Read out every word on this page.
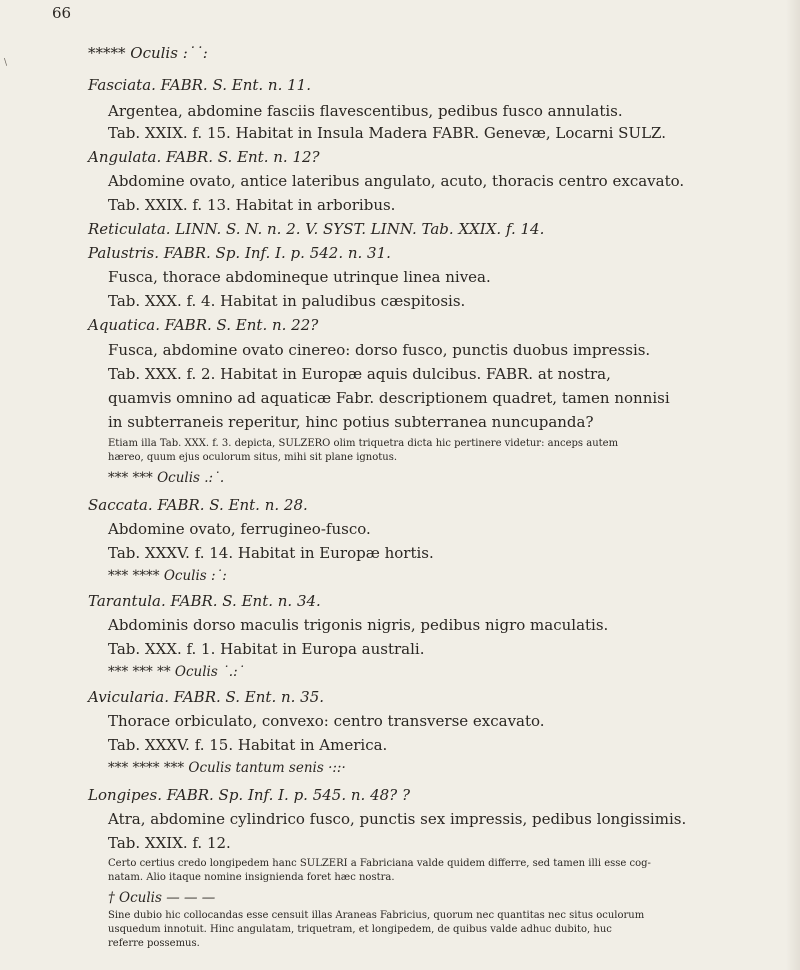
\
66
***** Oculis :˙˙:
Fasciata. FABR. S. Ent. n. 11.
Argentea, abdomine fasciis flavescentibus, pedibus fusco annulatis.
Tab. XXIX. f. 15. Habitat in Insula Madera FABR. Genevæ, Locarni SULZ.
Angulata. FABR. S. Ent. n. 12?
Abdomine ovato, antice lateribus angulato, acuto, thoracis centro excavato.
Tab. XXIX. f. 13. Habitat in arboribus.
Reticulata. LINN. S. N. n. 2. V. SYST. LINN. Tab. XXIX. f. 14.
Palustris. FABR. Sp. Inf. I. p. 542. n. 31.
Fusca, thorace abdomineque utrinque linea nivea.
Tab. XXX. f. 4. Habitat in paludibus cæspitosis.
Aquatica. FABR. S. Ent. n. 22?
Fusca, abdomine ovato cinereo: dorso fusco, punctis duobus impressis.
Tab. XXX. f. 2. Habitat in Europæ aquis dulcibus. FABR. at nostra,
quamvis omnino ad aquaticæ Fabr. descriptionem quadret, tamen nonnisi
in subterraneis reperitur, hinc potius subterranea nuncupanda?
Etiam illa Tab. XXX. f. 3. depicta, SULZERO olim triquetra dicta hic pertinere videtur: anceps autem
hæreo, quum ejus oculorum situs, mihi sit plane ignotus.
*** *** Oculis .:˙.
Saccata. FABR. S. Ent. n. 28.
Abdomine ovato, ferrugineo-fusco.
Tab. XXXV. f. 14. Habitat in Europæ hortis.
*** **** Oculis :˙:
Tarantula. FABR. S. Ent. n. 34.
Abdominis dorso maculis trigonis nigris, pedibus nigro maculatis.
Tab. XXX. f. 1. Habitat in Europa australi.
*** *** ** Oculis ˙.:˙
Avicularia. FABR. S. Ent. n. 35.
Thorace orbiculato, convexo: centro transverse excavato.
Tab. XXXV. f. 15. Habitat in America.
*** **** *** Oculis tantum senis ·::·
Longipes. FABR. Sp. Inf. I. p. 545. n. 48? ?
Atra, abdomine cylindrico fusco, punctis sex impressis, pedibus longissimis.
Tab. XXIX. f. 12.
Certo certius credo longipedem hanc SULZERI a Fabriciana valde quidem differre, sed tamen illi esse cog-
natam. Alio itaque nomine insignienda foret hæc nostra.
† Oculis — — —
Sine dubio hic collocandas esse censuit illas Araneas Fabricius, quorum nec quantitas nec situs oculorum
usquedum innotuit. Hinc angulatam, triquetram, et longipedem, de quibus valde adhuc dubito, huc
referre possemus.
